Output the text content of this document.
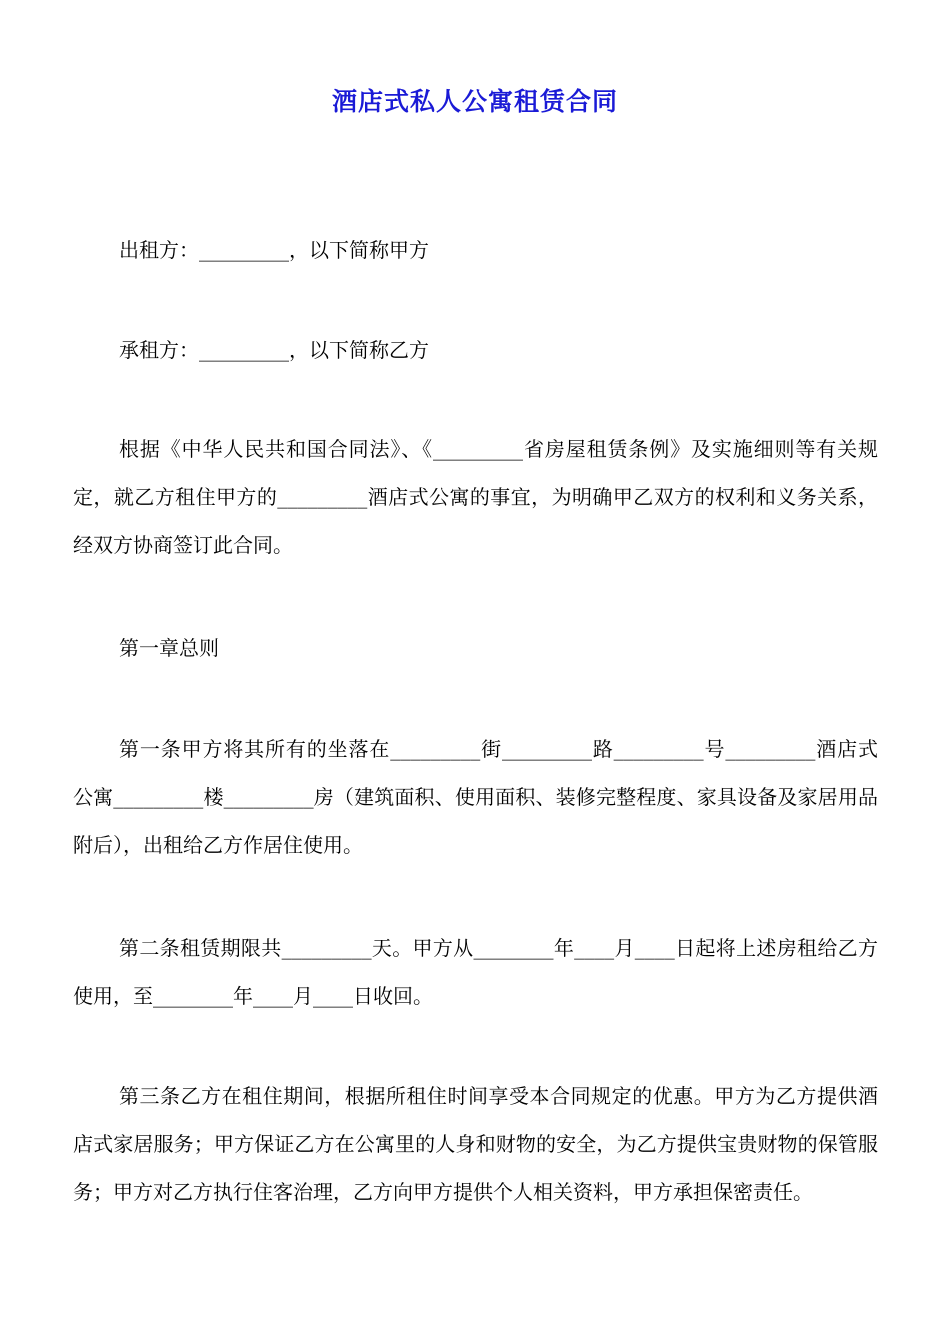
酒店式私人公寓租赁合同

出租方：_________，以下简称甲方

承租方：_________，以下简称乙方

根据《中华人民共和国合同法》、《_________省房屋租赁条例》及实施细则等有关规定，就乙方租住甲方的_________酒店式公寓的事宜，为明确甲乙双方的权利和义务关系，经双方协商签订此合同。

第一章总则

第一条甲方将其所有的坐落在_________街_________路_________号_________酒店式公寓_________楼_________房（建筑面积、使用面积、装修完整程度、家具设备及家居用品附后），出租给乙方作居住使用。

第二条租赁期限共_________天。甲方从________年____月____日起将上述房租给乙方使用，至________年____月____日收回。

第三条乙方在租住期间，根据所租住时间享受本合同规定的优惠。甲方为乙方提供酒店式家居服务；甲方保证乙方在公寓里的人身和财物的安全，为乙方提供宝贵财物的保管服务；甲方对乙方执行住客治理，乙方向甲方提供个人相关资料，甲方承担保密责任。
